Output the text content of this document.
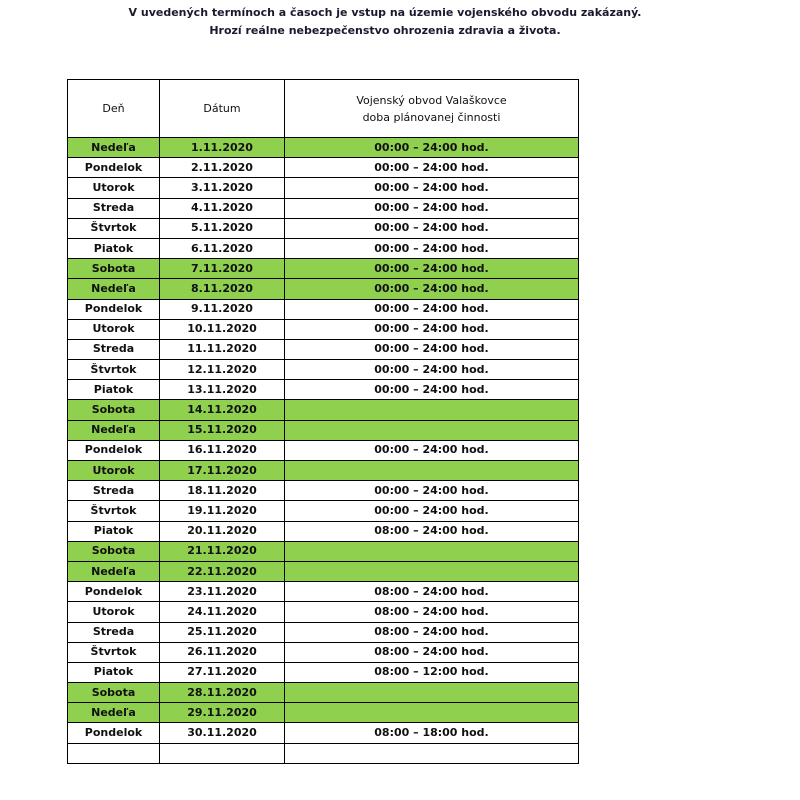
V uvedených termínoch a časoch je vstup na územie vojenského obvodu zakázaný.
Hrozí reálne nebezpečenstvo ohrozenia zdravia a života.
Deň	Dátum	Vojenský obvod Valaškovce
doba plánovanej činnosti

Nedeľa	1.11.2020	00:00 – 24:00 hod.
Pondelok	2.11.2020	00:00 – 24:00 hod.
Utorok	3.11.2020	00:00 – 24:00 hod.
Streda	4.11.2020	00:00 – 24:00 hod.
Štvrtok	5.11.2020	00:00 – 24:00 hod.
Piatok	6.11.2020	00:00 – 24:00 hod.
Sobota	7.11.2020	00:00 – 24:00 hod.
Nedeľa	8.11.2020	00:00 – 24:00 hod.
Pondelok	9.11.2020	00:00 – 24:00 hod.
Utorok	10.11.2020	00:00 – 24:00 hod.
Streda	11.11.2020	00:00 – 24:00 hod.
Štvrtok	12.11.2020	00:00 – 24:00 hod.
Piatok	13.11.2020	00:00 – 24:00 hod.
Sobota	14.11.2020	
Nedeľa	15.11.2020	
Pondelok	16.11.2020	00:00 – 24:00 hod.
Utorok	17.11.2020	
Streda	18.11.2020	00:00 – 24:00 hod.
Štvrtok	19.11.2020	00:00 – 24:00 hod.
Piatok	20.11.2020	08:00 – 24:00 hod.
Sobota	21.11.2020	
Nedeľa	22.11.2020	
Pondelok	23.11.2020	08:00 – 24:00 hod.
Utorok	24.11.2020	08:00 – 24:00 hod.
Streda	25.11.2020	08:00 – 24:00 hod.
Štvrtok	26.11.2020	08:00 – 24:00 hod.
Piatok	27.11.2020	08:00 – 12:00 hod.
Sobota	28.11.2020	
Nedeľa	29.11.2020	
Pondelok	30.11.2020	08:00 – 18:00 hod.
